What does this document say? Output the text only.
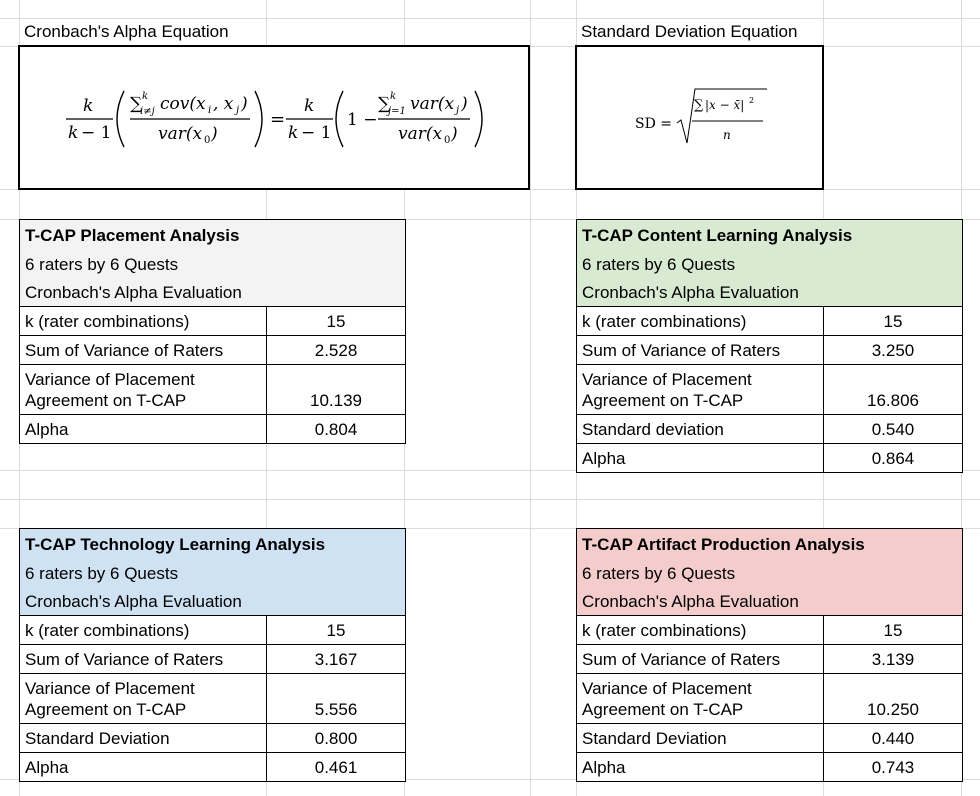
Cronbach's Alpha Equation	Standard Deviation Equation
k
k − 1
∑ k
i≠j cov(x i , x j )
var(x 0 )
=
k
k − 1
1 −
∑ k
j=1 var(x j )
var(x 0 )	SD =
∑ |x − x̄| 2
n
T-CAP Placement Analysis	
6 raters by 6 Quests	
Cronbach's Alpha Evaluation	
k (rater combinations)	15
Sum of Variance of Raters	2.528

Variance of Placement
Agreement on T-CAP	10.139
Alpha	0.804
T-CAP Content Learning Analysis	
6 raters by 6 Quests	
Cronbach's Alpha Evaluation	
k (rater combinations)	15
Sum of Variance of Raters	3.250

Variance of Placement
Agreement on T-CAP	16.806
Standard deviation	0.540
Alpha	0.864
T-CAP Technology Learning Analysis	
6 raters by 6 Quests	
Cronbach's Alpha Evaluation	
k (rater combinations)	15
Sum of Variance of Raters	3.167

Variance of Placement
Agreement on T-CAP	5.556
Standard Deviation	0.800
Alpha	0.461
T-CAP Artifact Production Analysis	
6 raters by 6 Quests	
Cronbach's Alpha Evaluation	
k (rater combinations)	15
Sum of Variance of Raters	3.139

Variance of Placement
Agreement on T-CAP	10.250
Standard Deviation	0.440
Alpha	0.743
